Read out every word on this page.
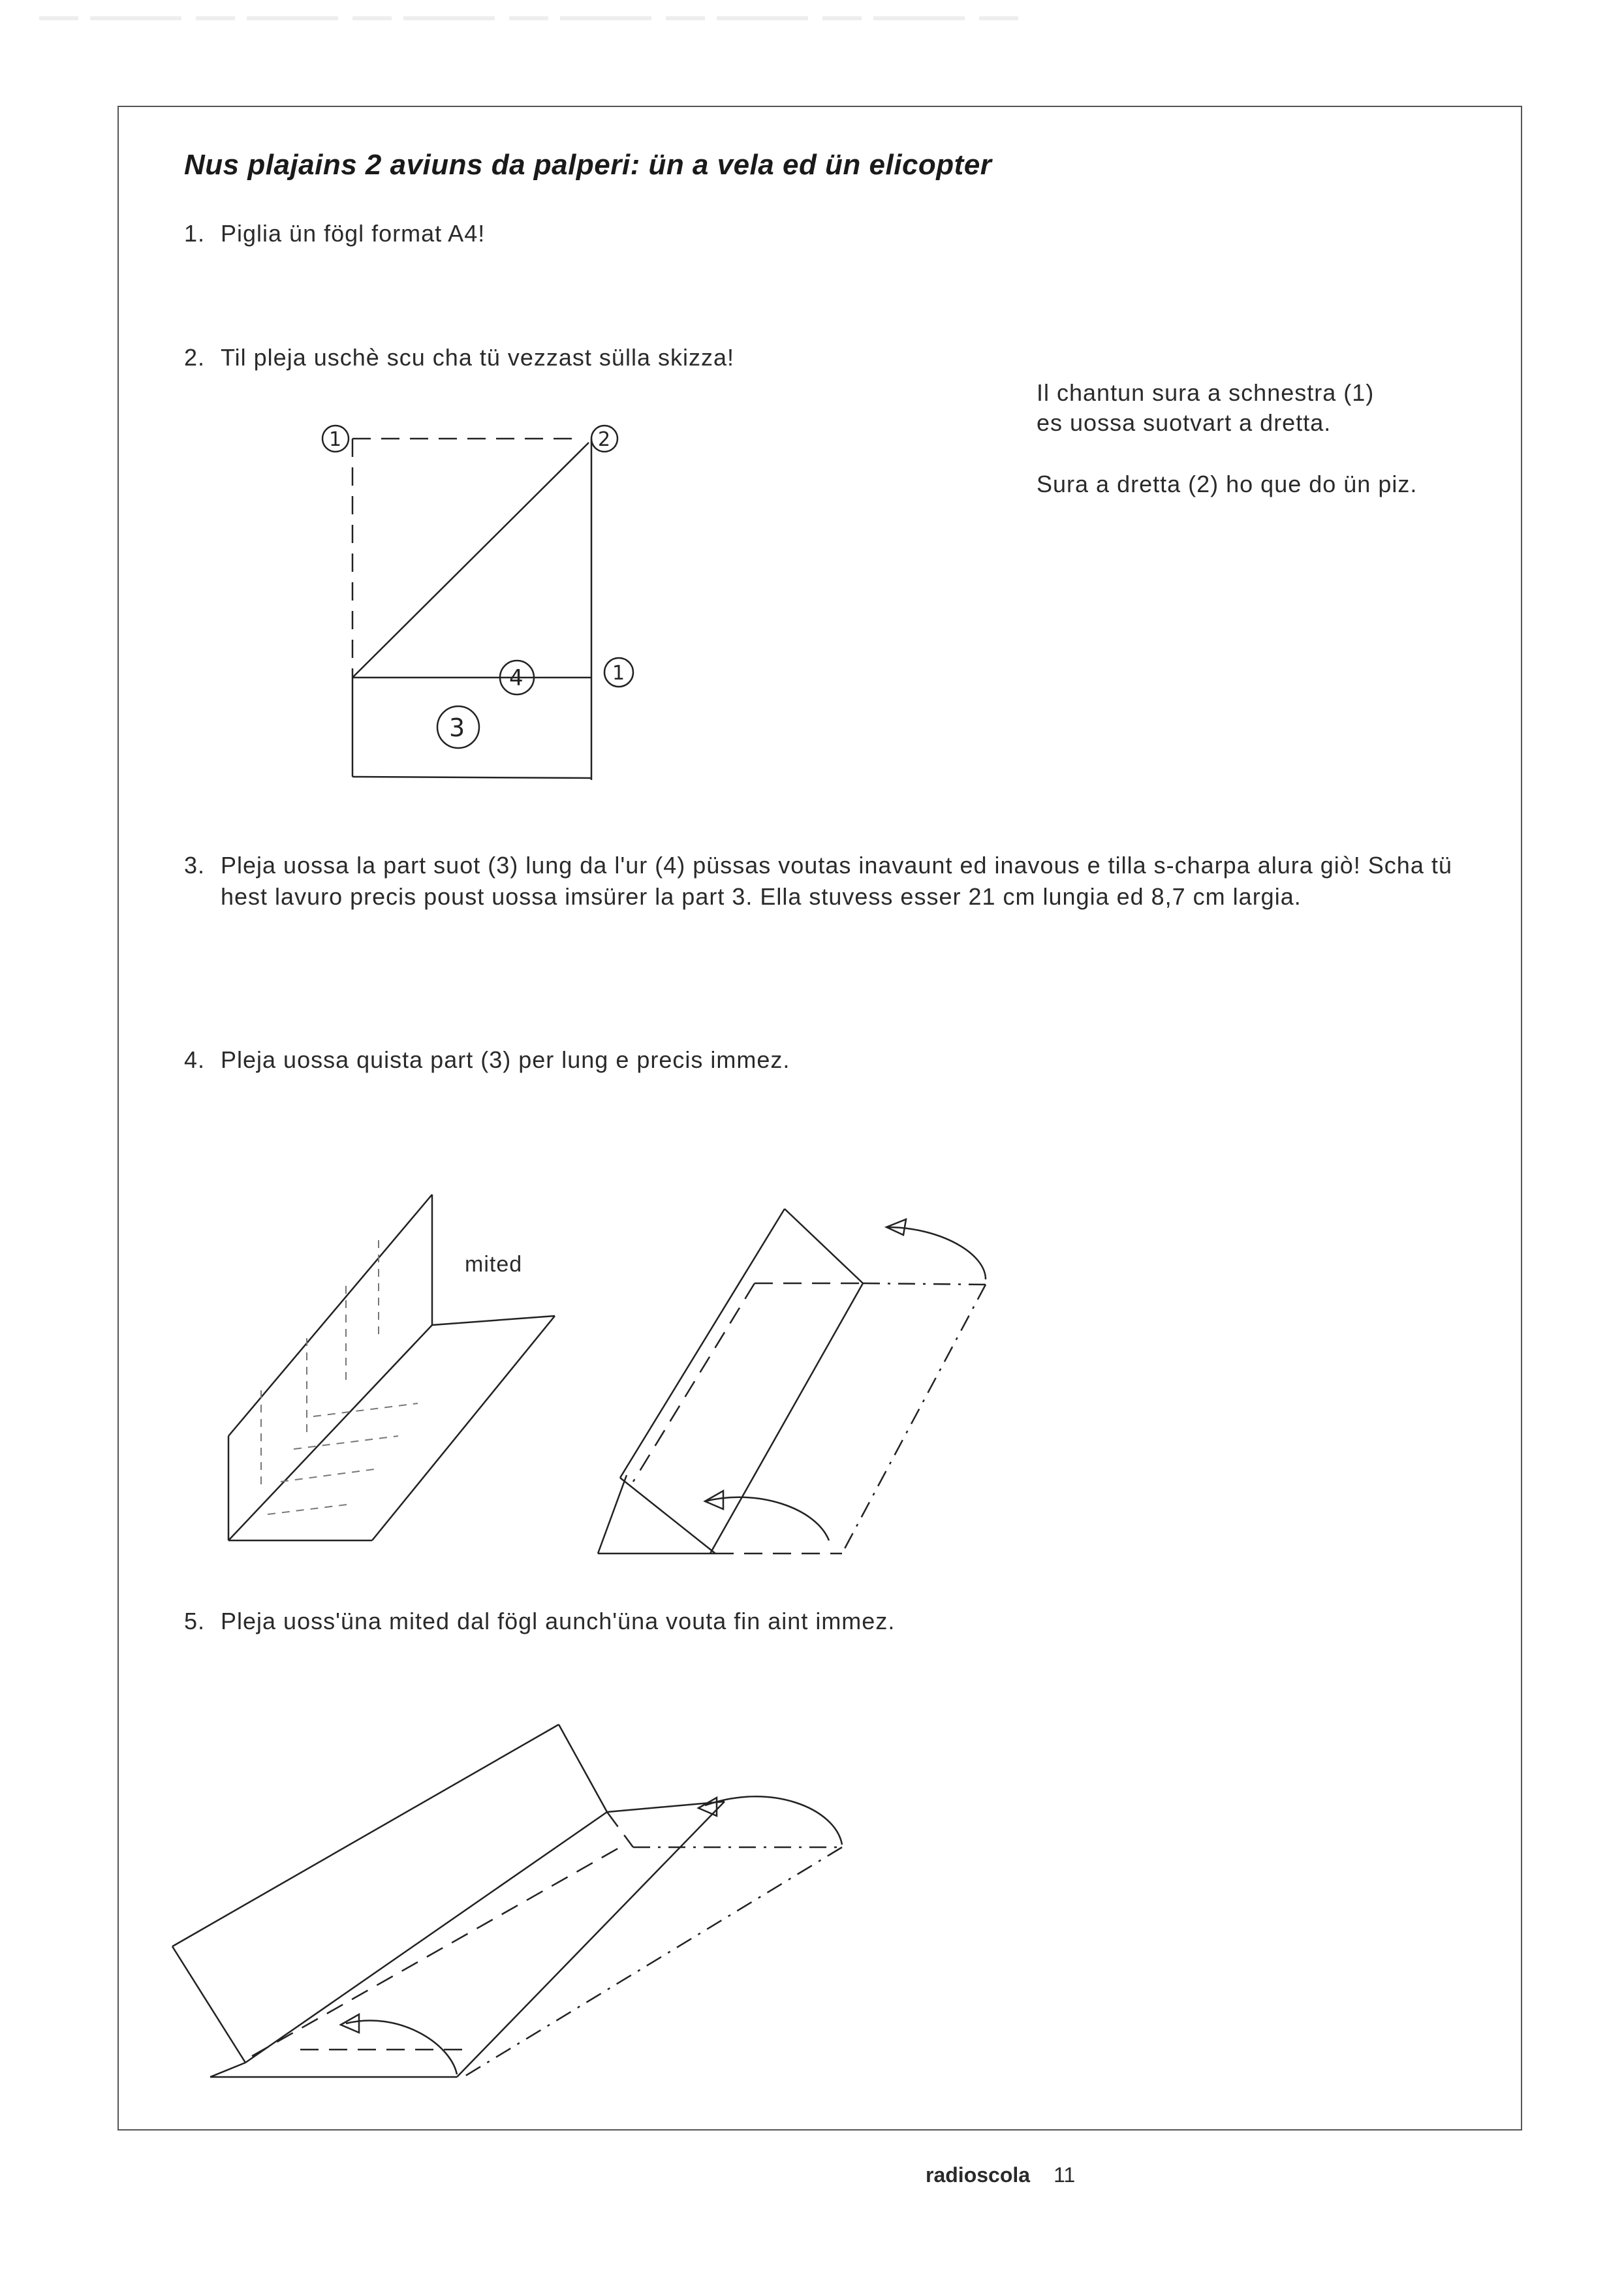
Nus plajains 2 aviuns da palperi: ün a vela ed ün elicopter

1. Piglia ün fögl format A4!

2. Til pleja uschè scu cha tü vezzast sülla skizza!

Il chantun sura a schnestra (1)

es uossa suotvart a dretta.

Sura a dretta (2) ho que do ün piz.

1	2
4	1
3

3. Pleja uossa la part suot (3) lung da l'ur (4) püssas voutas inavaunt ed inavous e tilla s-charpa alura giò! Scha tü hest lavuro precis poust uossa imsürer la part 3. Ella stuvess esser 21 cm lungia ed 8,7 cm largia.

4. Pleja uossa quista part (3) per lung e precis immez.

mited

5. Pleja uoss'üna mited dal fögl aunch'üna vouta fin aint immez.

radioscola 11
